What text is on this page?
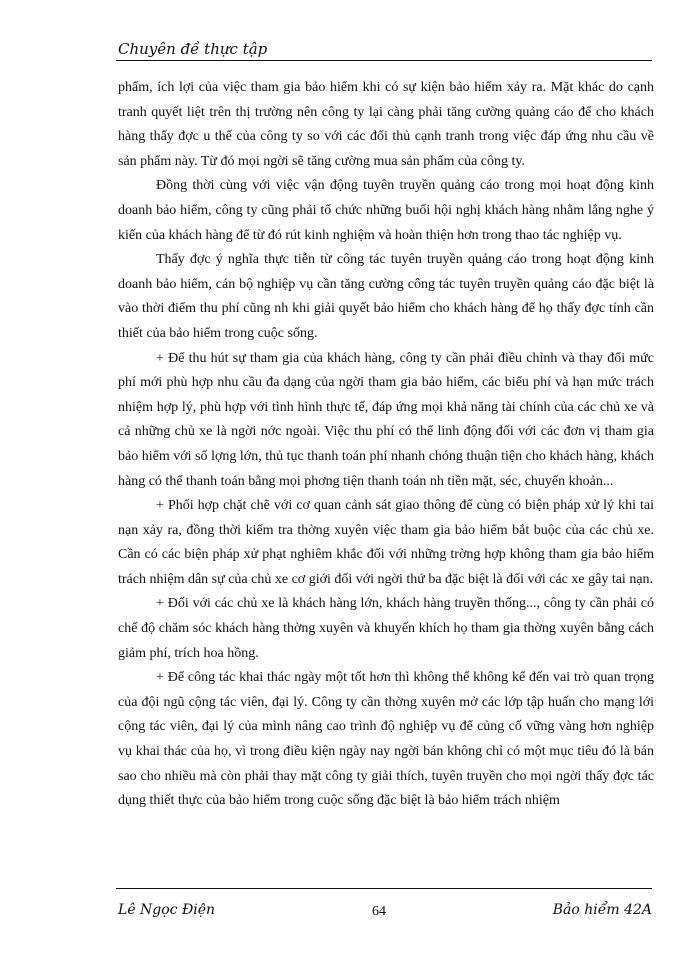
Chuyên đề thực tập

phẩm, ích lợi của việc tham gia bảo hiểm khi có sự kiện bảo hiểm xảy ra. Mặt khác do cạnh tranh quyết liệt trên thị trường nên công ty lại càng phải tăng cường quảng cáo để cho khách hàng thấy đợc u thế của công ty so với các đối thủ cạnh tranh trong việc đáp ứng nhu cầu về sản phẩm này. Từ đó mọi ngời sẽ tăng cường mua sản phẩm của công ty.

Đồng thời cùng với việc vận động tuyên truyền quảng cáo trong mọi hoạt động kinh doanh bảo hiểm, công ty cũng phải tổ chức những buổi hội nghị khách hàng nhằm lắng nghe ý kiến của khách hàng để từ đó rút kinh nghiệm và hoàn thiện hơn trong thao tác nghiệp vụ.

Thấy đợc ý nghĩa thực tiễn từ công tác tuyên truyền quảng cáo trong hoạt động kinh doanh bảo hiểm, cán bộ nghiệp vụ cần tăng cường công tác tuyên truyền quảng cáo đặc biệt là vào thời điểm thu phí cũng nh khi giải quyết bảo hiểm cho khách hàng để họ thấy đợc tính cần thiết của bảo hiểm trong cuộc sống.

+ Để thu hút sự tham gia của khách hàng, công ty cần phải điều chỉnh và thay đổi mức phí mới phù hợp nhu cầu đa dạng của ngời tham gia bảo hiểm, các biểu phí và hạn mức trách nhiệm hợp lý, phù hợp với tình hình thực tế, đáp ứng mọi khả năng tài chính của các chủ xe và cả những chủ xe là ngời nớc ngoài. Việc thu phí có thể linh động đối với các đơn vị tham gia bảo hiểm với số lợng lớn, thủ tục thanh toán phí nhanh chóng thuận tiện cho khách hàng, khách hàng có thể thanh toán bằng mọi phơng tiện thanh toán nh tiền mặt, séc, chuyển khoản...

+ Phối hợp chặt chẽ với cơ quan cảnh sát giao thông để cùng có biện pháp xử lý khi tai nạn xảy ra, đồng thời kiểm tra thờng xuyên việc tham gia bảo hiểm bắt buộc của các chủ xe. Cần có các biện pháp xử phạt nghiêm khắc đối với những trờng hợp không tham gia bảo hiểm trách nhiệm dân sự của chủ xe cơ giới đối với ngời thứ ba đặc biệt là đối với các xe gây tai nạn.

+ Đối với các chủ xe là khách hàng lớn, khách hàng truyền thống..., công ty cần phải có chế độ chăm sóc khách hàng thờng xuyên và khuyến khích họ tham gia thờng xuyên bằng cách giảm phí, trích hoa hồng.

+ Để công tác khai thác ngày một tốt hơn thì không thể không kể đến vai trò quan trọng của đội ngũ cộng tác viên, đại lý. Công ty cần thờng xuyên mở các lớp tập huấn cho mạng lới cộng tác viên, đại lý của mình nâng cao trình độ nghiệp vụ để củng cố vững vàng hơn nghiệp vụ khai thác của họ, vì trong điều kiện ngày nay ngời bán không chỉ có một mục tiêu đó là bán sao cho nhiều mà còn phải thay mặt công ty giải thích, tuyên truyền cho mọi ngời thấy đợc tác dụng thiết thực của bảo hiểm trong cuộc sống đặc biệt là bảo hiểm trách nhiệm

Lê Ngọc Điện	64	Bảo hiểm 42A
